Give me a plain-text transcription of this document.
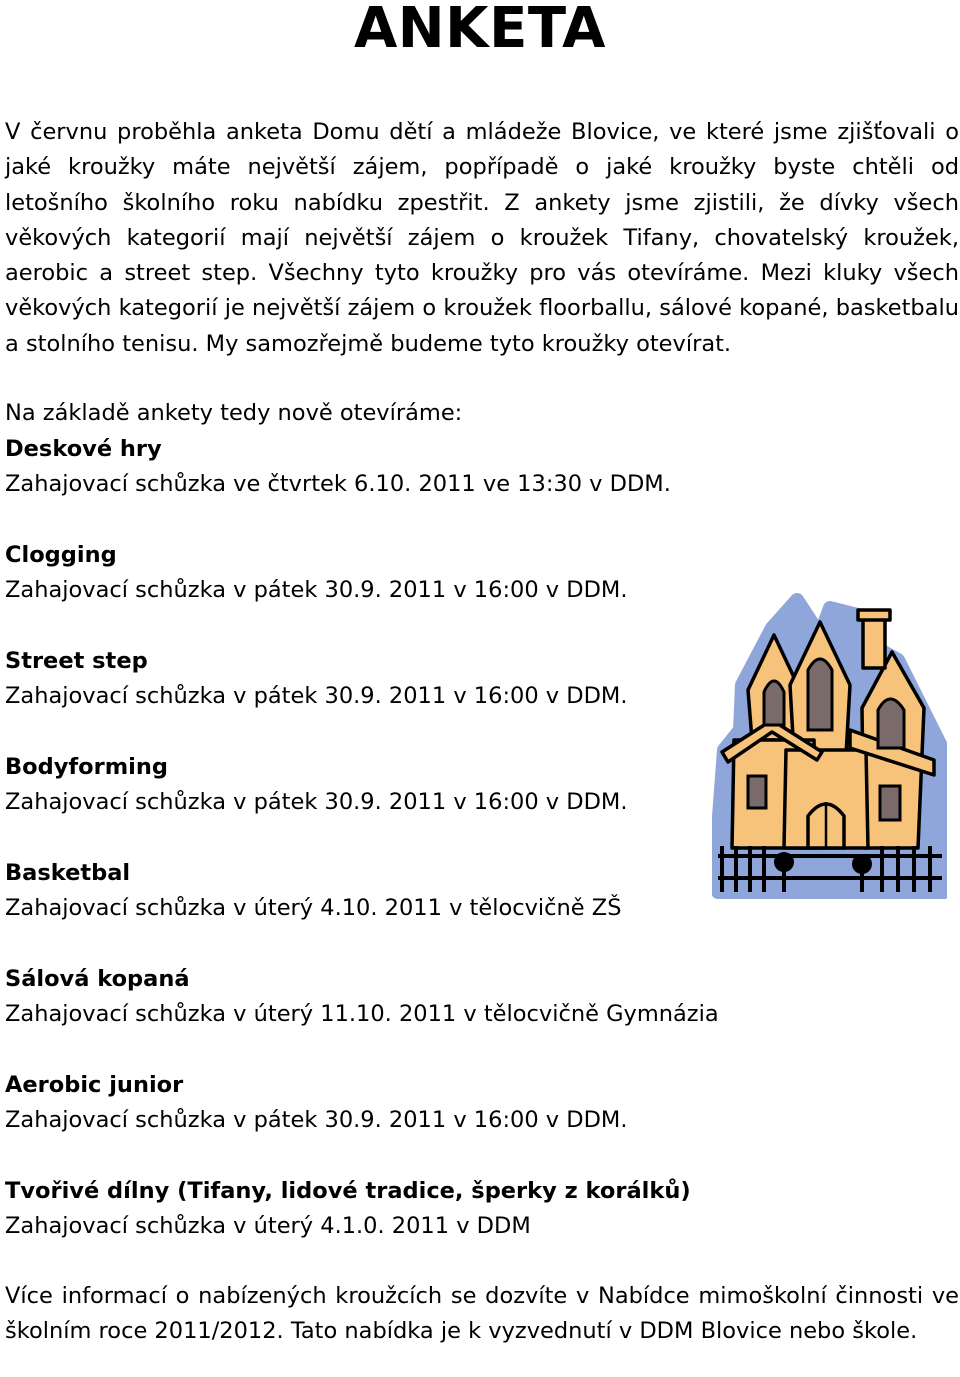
ANKETA

V červnu proběhla anketa Domu dětí a mládeže Blovice, ve které jsme zjišťovali o jaké kroužky máte největší zájem, popřípadě o jaké kroužky byste chtěli od letošního školního roku nabídku zpestřit. Z ankety jsme zjistili, že dívky všech věkových kategorií mají největší zájem o kroužek Tifany, chovatelský kroužek, aerobic a street step. Všechny tyto kroužky pro vás otevíráme. Mezi kluky všech věkových kategorií je největší zájem o kroužek floorballu, sálové kopané, basketbalu a stolního tenisu. My samozřejmě budeme tyto kroužky otevírat.

Na základě ankety tedy nově otevíráme:

Deskové hry
Zahajovací schůzka ve čtvrtek 6.10. 2011 ve 13:30 v DDM.
Clogging
Zahajovací schůzka v pátek 30.9. 2011 v 16:00 v DDM.
Street step
Zahajovací schůzka v pátek 30.9. 2011 v 16:00 v DDM.
Bodyforming
Zahajovací schůzka v pátek 30.9. 2011 v 16:00 v DDM.
Basketbal
Zahajovací schůzka v úterý 4.10. 2011 v tělocvičně ZŠ
Sálová kopaná
Zahajovací schůzka v úterý 11.10. 2011 v tělocvičně Gymnázia
Aerobic junior
Zahajovací schůzka v pátek 30.9. 2011 v 16:00 v DDM.
Tvořivé dílny (Tifany, lidové tradice, šperky z korálků)
Zahajovací schůzka v úterý 4.1.0. 2011 v DDM

Více informací o nabízených kroužcích se dozvíte v Nabídce mimoškolní činnosti ve školním roce 2011/2012. Tato nabídka je k vyzvednutí v DDM Blovice nebo škole.
